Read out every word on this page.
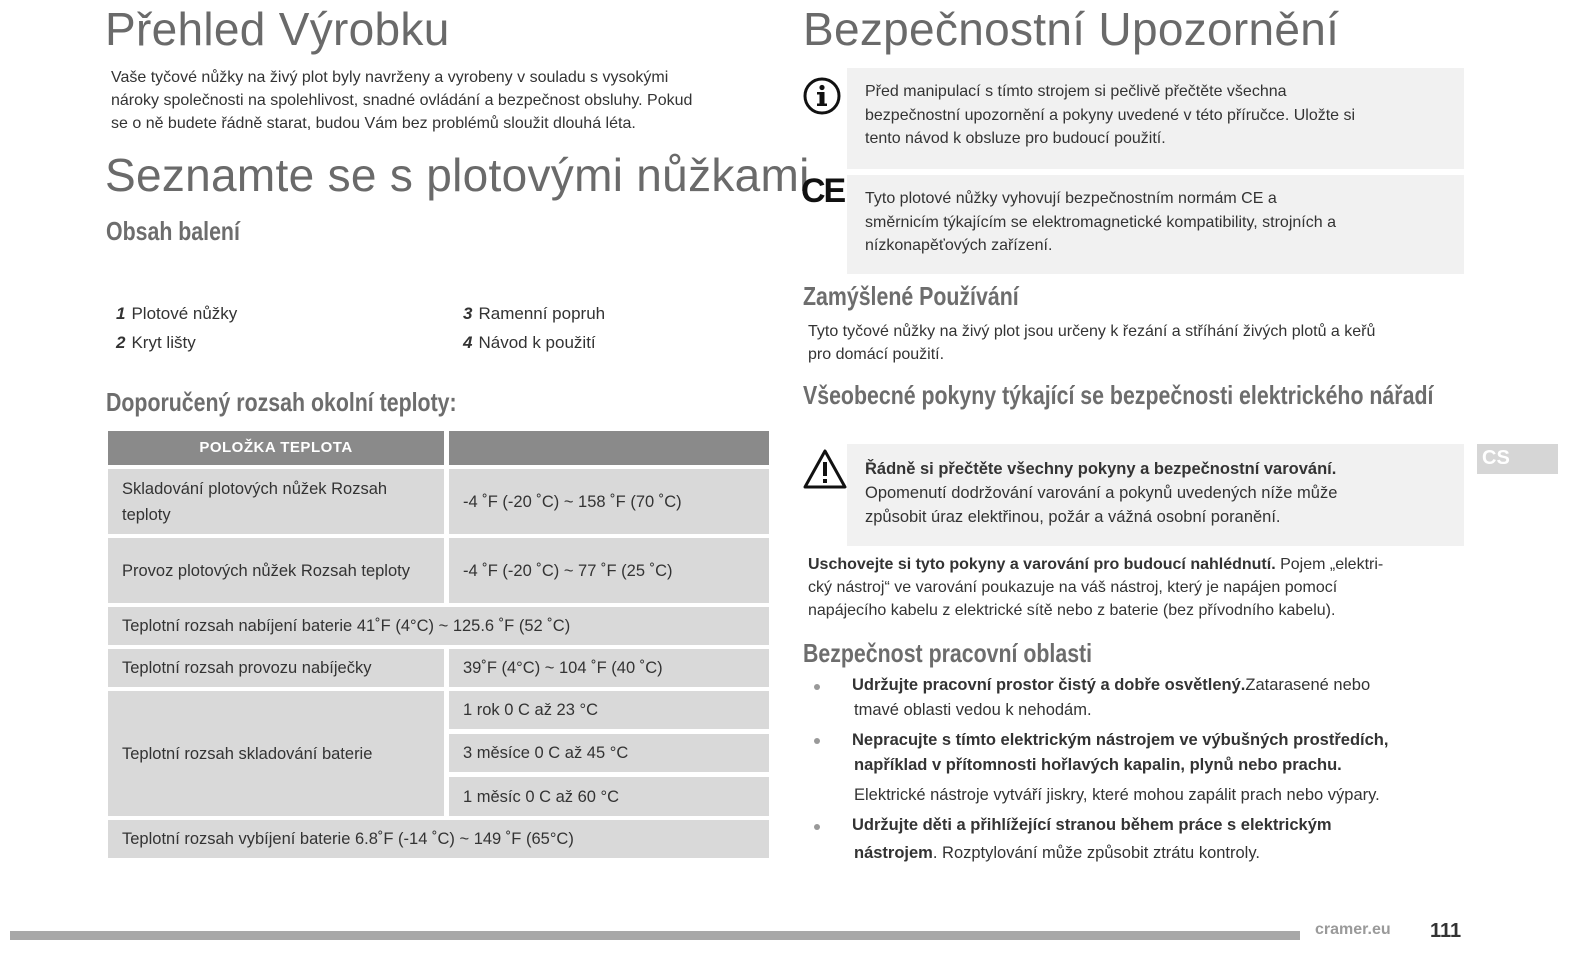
Přehled Výrobku
Vaše tyčové nůžky na živý plot byly navrženy a vyrobeny v souladu s vysokými
nároky společnosti na spolehlivost, snadné ovládání a bezpečnost obsluhy. Pokud
se o ně budete řádně starat, budou Vám bez problémů sloužit dlouhá léta.
Seznamte se s plotovými nůžkami
Obsah balení
1 Plotové nůžky
2 Kryt lišty
3 Ramenní popruh
4 Návod k použití
Doporučený rozsah okolní teploty:
POLOŽKA TEPLOTA
Skladování plotových nůžek Rozsah teploty
-4 ˚F (-20 ˚C) ~ 158 ˚F (70 ˚C)
Provoz plotových nůžek Rozsah teploty	-4 ˚F (-20 ˚C) ~ 77 ˚F (25 ˚C)
Teplotní rozsah nabíjení baterie 41˚F (4°C) ~ 125.6 ˚F (52 ˚C)
Teplotní rozsah provozu nabíječky	39˚F (4°C) ~ 104 ˚F (40 ˚C)
Teplotní rozsah skladování baterie
1 rok 0 C až 23 °C
3 měsíce 0 C až 45 °C
1 měsíc 0 C až 60 °C
Teplotní rozsah vybíjení baterie 6.8˚F (-14 ˚C) ~ 149 ˚F (65°C)
Bezpečnostní Upozornění
Před manipulací s tímto strojem si pečlivě přečtěte všechna
bezpečnostní upozornění a pokyny uvedené v této příručce. Uložte si
tento návod k obsluze pro budoucí použití.
CE Tyto plotové nůžky vyhovují bezpečnostním normám CE a
směrnicím týkajícím se elektromagnetické kompatibility, strojních a
nízkonapěťových zařízení.
Zamýšlené Používání
Tyto tyčové nůžky na živý plot jsou určeny k řezání a stříhání živých plotů a keřů
pro domácí použití.
Všeobecné pokyny týkající se bezpečnosti elektrického nářadí
Řádně si přečtěte všechny pokyny a bezpečnostní varování.
Opomenutí dodržování varování a pokynů uvedených níže může
způsobit úraz elektřinou, požár a vážná osobní poranění.
Uschovejte si tyto pokyny a varování pro budoucí nahlédnutí. Pojem „elektri-
cký nástroj“ ve varování poukazuje na váš nástroj, který je napájen pomocí
napájecího kabelu z elektrické sítě nebo z baterie (bez přívodního kabelu).
Bezpečnost pracovní oblasti
Udržujte pracovní prostor čistý a dobře osvětlený.Zatarasené nebo
tmavé oblasti vedou k nehodám.
Nepracujte s tímto elektrickým nástrojem ve výbušných prostředích,
například v přítomnosti hořlavých kapalin, plynů nebo prachu.
Elektrické nástroje vytváří jiskry, které mohou zapálit prach nebo výpary.
Udržujte děti a přihlížející stranou během práce s elektrickým
nástrojem. Rozptylování může způsobit ztrátu kontroly.
CS
cramer.eu 111
